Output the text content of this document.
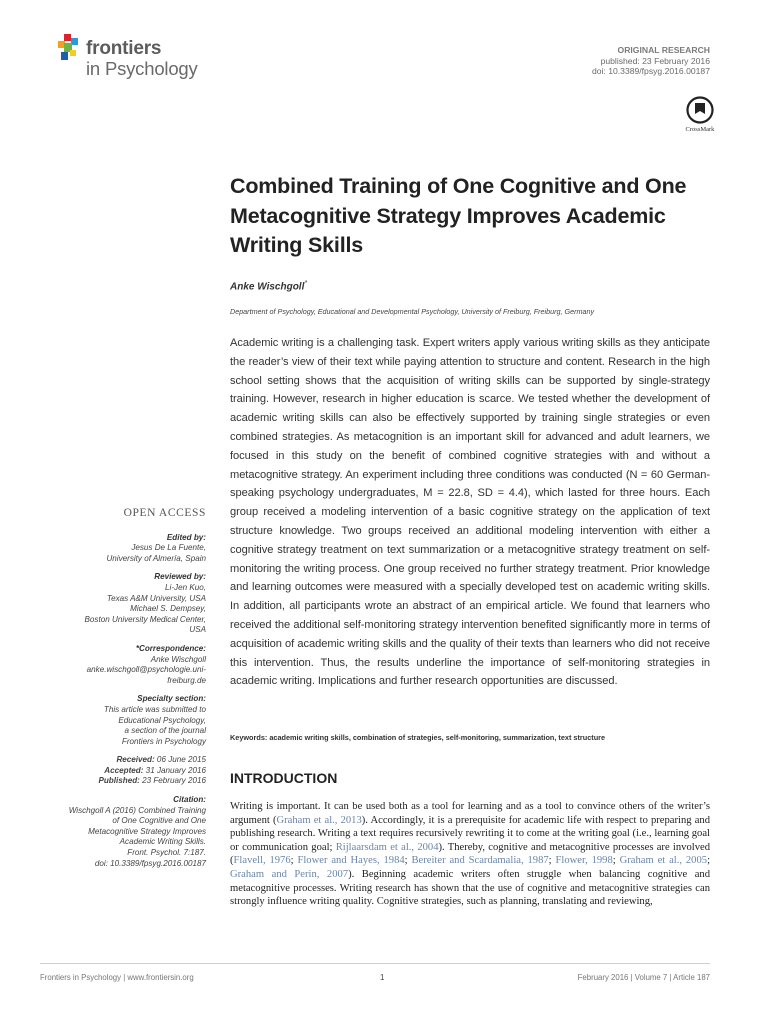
frontiers
in Psychology
ORIGINAL RESEARCH
published: 23 February 2016
doi: 10.3389/fpsyg.2016.00187
CrossMark
Combined Training of One Cognitive and One Metacognitive Strategy Improves Academic Writing Skills
Anke Wischgoll*
Department of Psychology, Educational and Developmental Psychology, University of Freiburg, Freiburg, Germany
Academic writing is a challenging task. Expert writers apply various writing skills as they anticipate the reader’s view of their text while paying attention to structure and content. Research in the high school setting shows that the acquisition of writing skills can be supported by single-strategy training. However, research in higher education is scarce. We tested whether the development of academic writing skills can also be effectively supported by training single strategies or even combined strategies. As metacognition is an important skill for advanced and adult learners, we focused in this study on the benefit of combined cognitive strategies with and without a metacognitive strategy. An experiment including three conditions was conducted (N = 60 German-speaking psychology undergraduates, M = 22.8, SD = 4.4), which lasted for three hours. Each group received a modeling intervention of a basic cognitive strategy on the application of text structure knowledge. Two groups received an additional modeling intervention with either a cognitive strategy treatment on text summarization or a metacognitive strategy treatment on self-monitoring the writing process. One group received no further strategy treatment. Prior knowledge and learning outcomes were measured with a specially developed test on academic writing skills. In addition, all participants wrote an abstract of an empirical article. We found that learners who received the additional self-monitoring strategy intervention benefited significantly more in terms of acquisition of academic writing skills and the quality of their texts than learners who did not receive this intervention. Thus, the results underline the importance of self-monitoring strategies in academic writing. Implications and further research opportunities are discussed.
Keywords: academic writing skills, combination of strategies, self-monitoring, summarization, text structure
INTRODUCTION
Writing is important. It can be used both as a tool for learning and as a tool to convince others of the writer’s argument (Graham et al., 2013). Accordingly, it is a prerequisite for academic life with respect to preparing and publishing research. Writing a text requires recursively rewriting it to come at the writing goal (i.e., learning goal or communication goal; Rijlaarsdam et al., 2004). Thereby, cognitive and metacognitive processes are involved (Flavell, 1976; Flower and Hayes, 1984; Bereiter and Scardamalia, 1987; Flower, 1998; Graham et al., 2005; Graham and Perin, 2007). Beginning academic writers often struggle when balancing cognitive and metacognitive processes. Writing research has shown that the use of cognitive and metacognitive strategies can strongly influence writing quality. Cognitive strategies, such as planning, translating and reviewing,
OPEN ACCESS
Edited by:
Jesus De La Fuente,
University of Almería, Spain
Reviewed by:
Li-Jen Kuo,
Texas A&M University, USA
Michael S. Dempsey,
Boston University Medical Center,
USA
*Correspondence:
Anke Wischgoll
anke.wischgoll@psychologie.uni-
freiburg.de
Specialty section:
This article was submitted to
Educational Psychology,
a section of the journal
Frontiers in Psychology
Received: 06 June 2015
Accepted: 31 January 2016
Published: 23 February 2016
Citation:
Wischgoll A (2016) Combined Training
of One Cognitive and One
Metacognitive Strategy Improves
Academic Writing Skills.
Front. Psychol. 7:187.
doi: 10.3389/fpsyg.2016.00187
Frontiers in Psychology | www.frontiersin.org	1	February 2016 | Volume 7 | Article 187
